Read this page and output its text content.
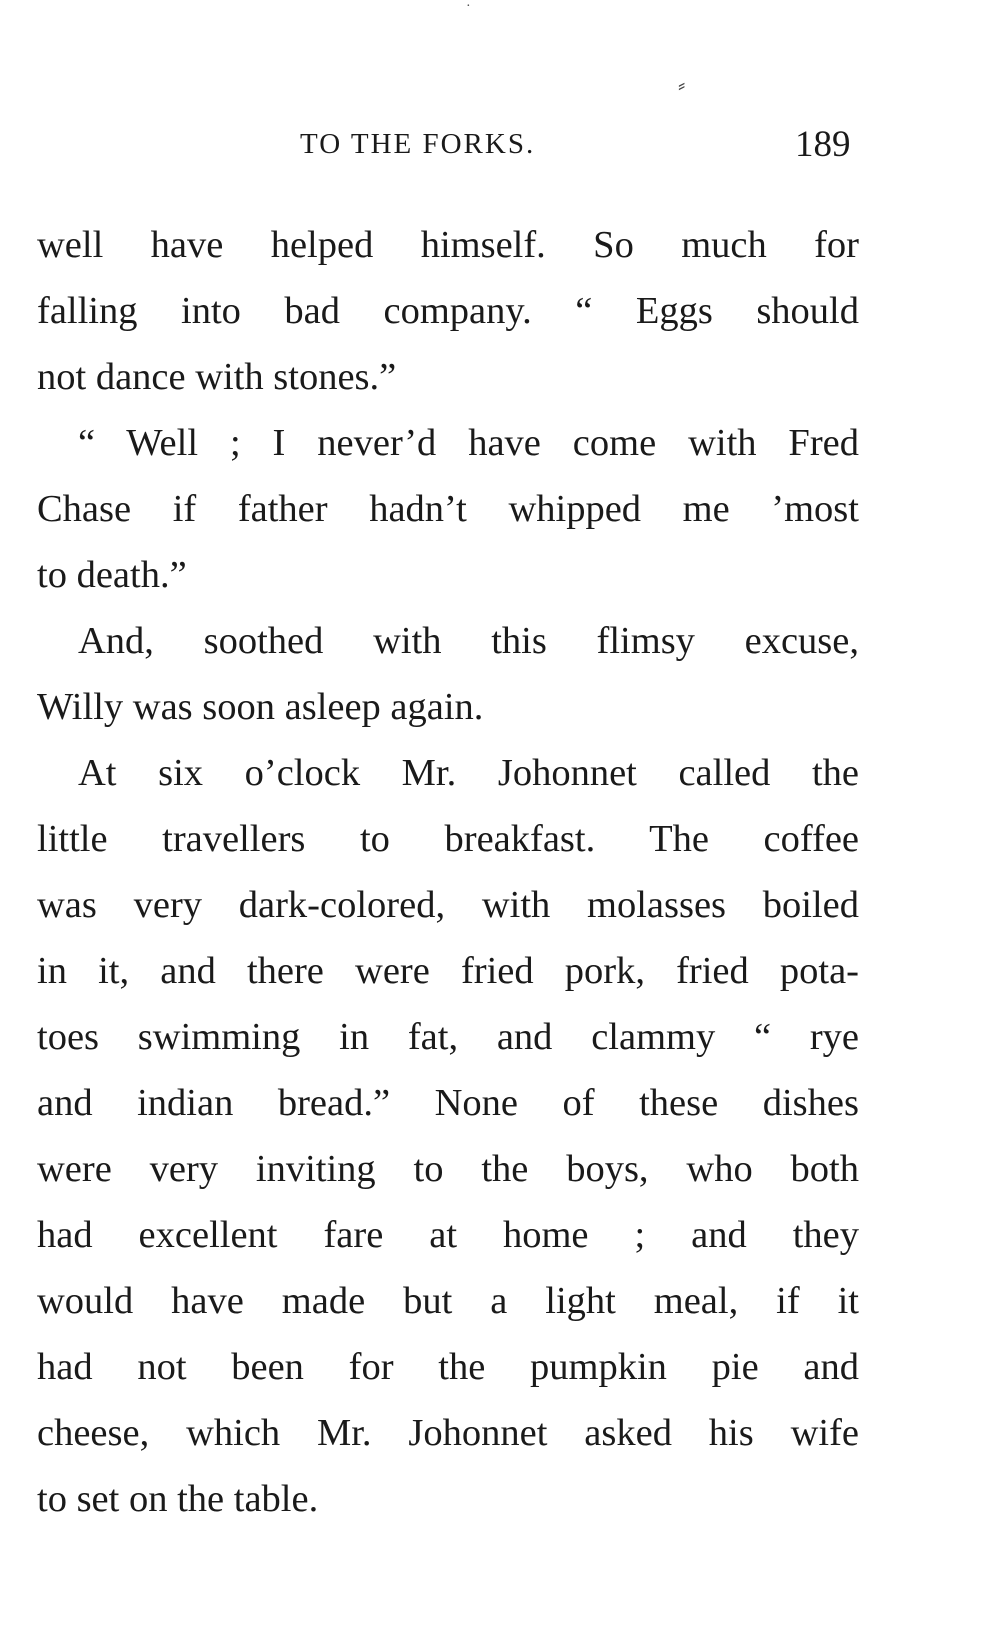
·
⸗
TO THE FORKS.	189
well have helped himself. So much for
falling into bad company. “ Eggs should
not dance with stones.”
“ Well ; I never’d have come with Fred
Chase if father hadn’t whipped me ’most
to death.”
And, soothed with this flimsy excuse,
Willy was soon asleep again.
At six o’clock Mr. Johonnet called the
little travellers to breakfast. The coffee
was very dark-colored, with molasses boiled
in it, and there were fried pork, fried pota-
toes swimming in fat, and clammy “ rye
and indian bread.” None of these dishes
were very inviting to the boys, who both
had excellent fare at home ; and they
would have made but a light meal, if it
had not been for the pumpkin pie and
cheese, which Mr. Johonnet asked his wife
to set on the table.
